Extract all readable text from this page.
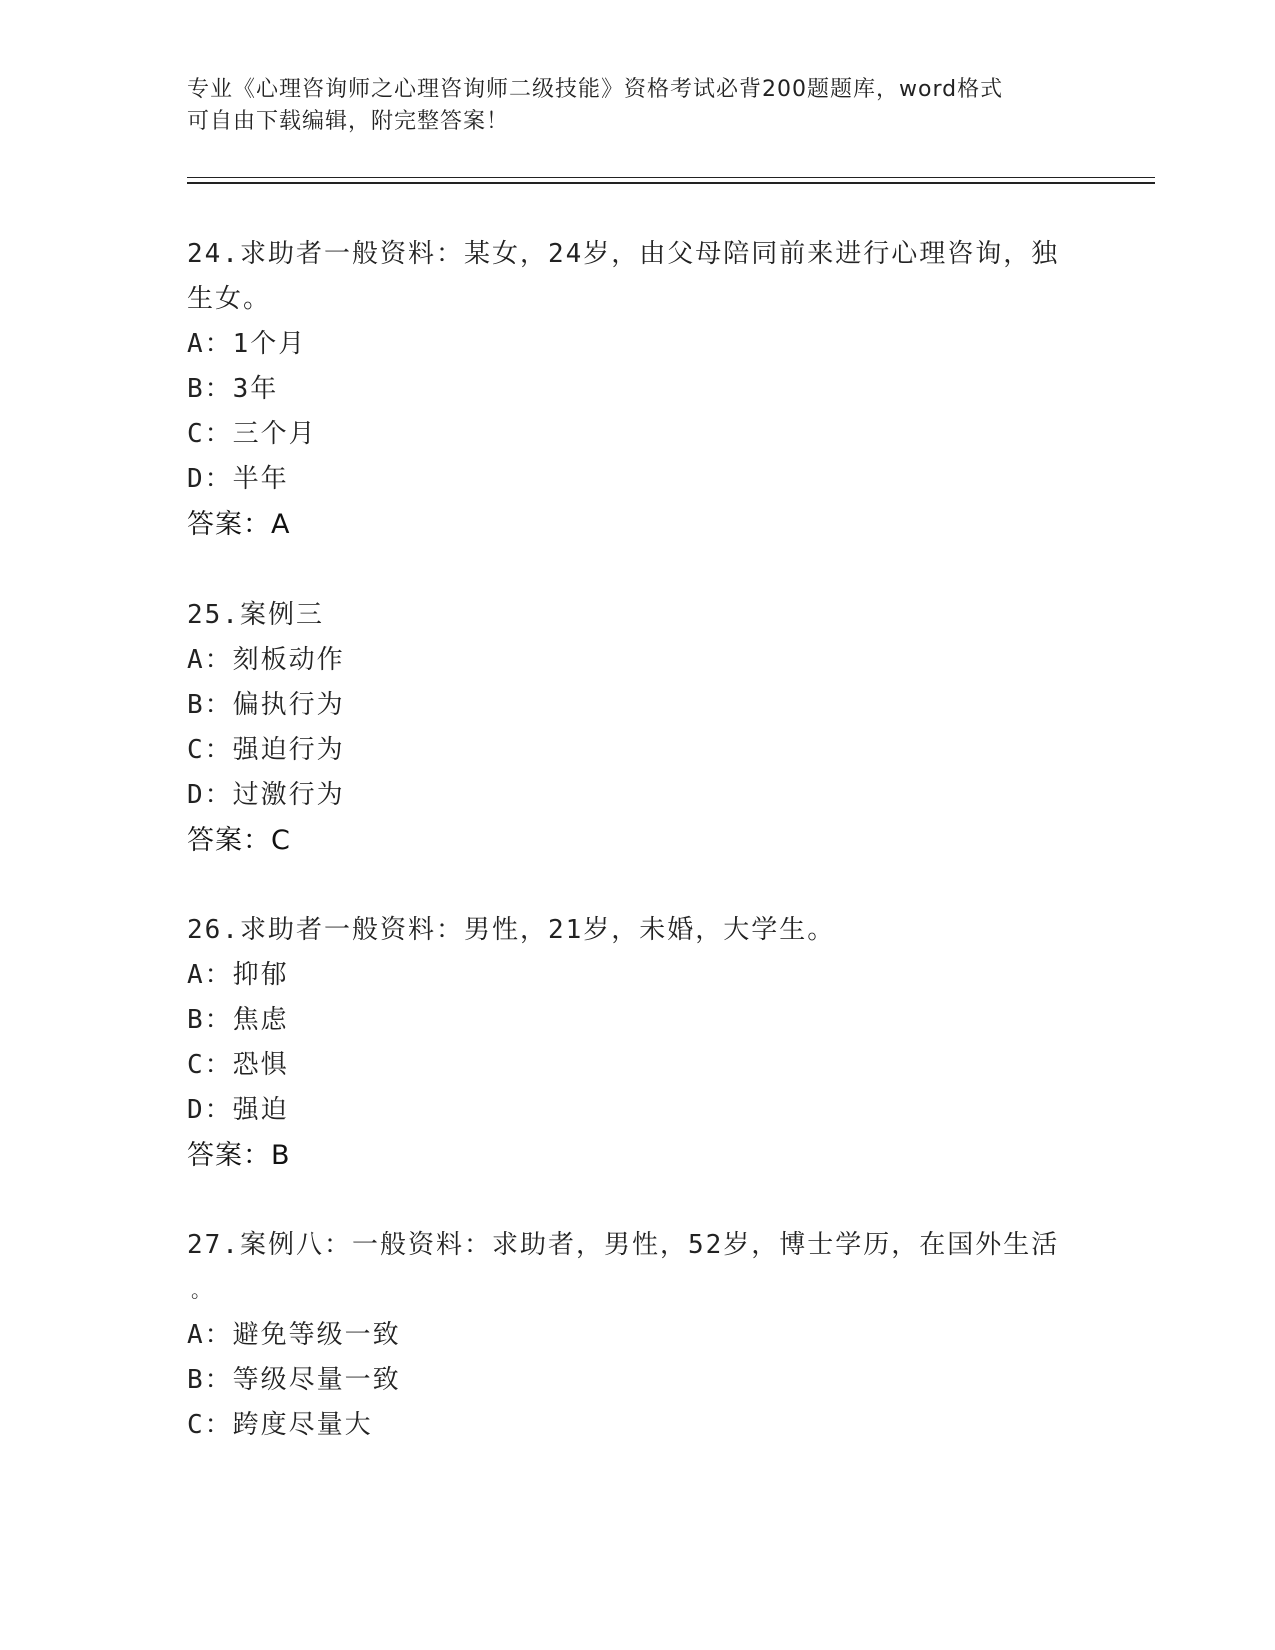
专业《心理咨询师之心理咨询师二级技能》资格考试必背200题题库，word格式
可自由下载编辑，附完整答案！
24.求助者一般资料：某女，24岁，由父母陪同前来进行心理咨询，独
生女。
A：1个月
B：3年
C：三个月
D：半年
答案：A
25.案例三
A：刻板动作
B：偏执行为
C：强迫行为
D：过激行为
答案：C
26.求助者一般资料：男性，21岁，未婚，大学生。
A：抑郁
B：焦虑
C：恐惧
D：强迫
答案：B
27.案例八：一般资料：求助者，男性，52岁，博士学历，在国外生活
。
A：避免等级一致
B：等级尽量一致
C：跨度尽量大
